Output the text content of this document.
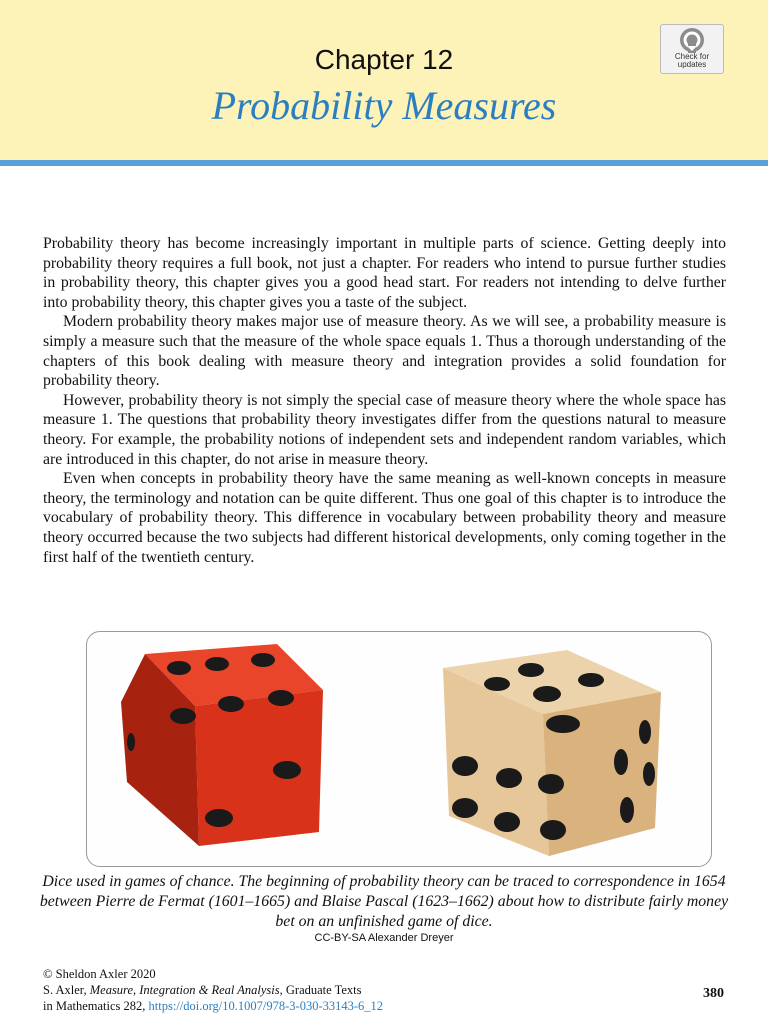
Chapter 12
Probability Measures
Check for updates

Probability theory has become increasingly important in multiple parts of science. Getting deeply into probability theory requires a full book, not just a chapter. For readers who intend to pursue further studies in probability theory, this chapter gives you a good head start. For readers not intending to delve further into probability theory, this chapter gives you a taste of the subject.

Modern probability theory makes major use of measure theory. As we will see, a probability measure is simply a measure such that the measure of the whole space equals 1. Thus a thorough understanding of the chapters of this book dealing with measure theory and integration provides a solid foundation for probability theory.

However, probability theory is not simply the special case of measure theory where the whole space has measure 1. The questions that probability theory investigates differ from the questions natural to measure theory. For example, the probability notions of independent sets and independent random variables, which are introduced in this chapter, do not arise in measure theory.

Even when concepts in probability theory have the same meaning as well-known concepts in measure theory, the terminology and notation can be quite different. Thus one goal of this chapter is to introduce the vocabulary of probability theory. This difference in vocabulary between probability theory and measure theory occurred because the two subjects had different historical developments, only coming together in the first half of the twentieth century.

Dice used in games of chance. The beginning of probability theory can be traced to correspondence in 1654 between Pierre de Fermat (1601–1665) and Blaise Pascal (1623–1662) about how to distribute fairly money bet on an unfinished game of dice.
CC-BY-SA Alexander Dreyer
© Sheldon Axler 2020
S. Axler, Measure, Integration & Real Analysis, Graduate Texts
in Mathematics 282, https://doi.org/10.1007/978-3-030-33143-6_12
380
